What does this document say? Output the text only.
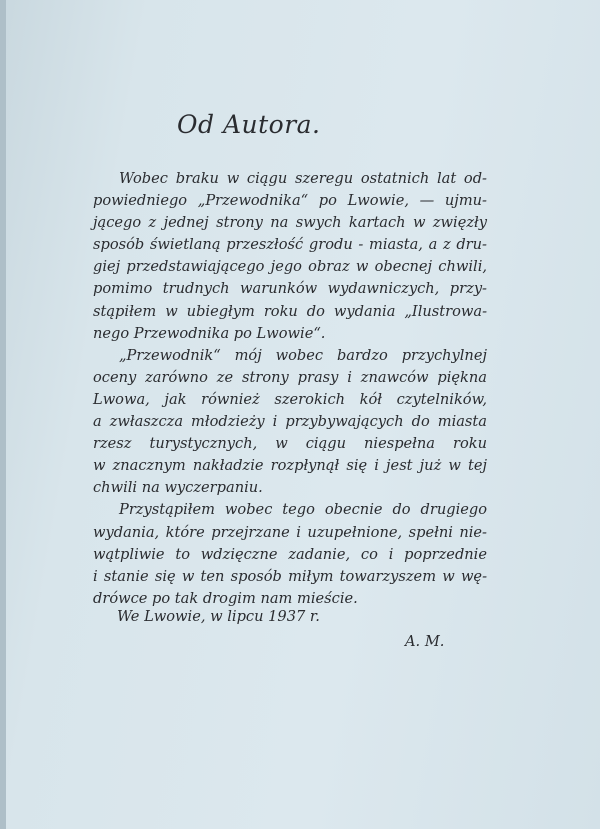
Od Autora.
Wobec braku w ciągu szeregu ostatnich lat od-
powiedniego „Przewodnika“ po Lwowie, — ujmu-
jącego z jednej strony na swych kartach w zwięzły
sposób świetlaną przeszłość grodu - miasta, a z dru-
giej przedstawiającego jego obraz w obecnej chwili,
pomimo trudnych warunków wydawniczych, przy-
stąpiłem w ubiegłym roku do wydania „Ilustrowa-
nego Przewodnika po Lwowie“.
„Przewodnik“ mój wobec bardzo przychylnej
oceny zarówno ze strony prasy i znawców piękna
Lwowa, jak również szerokich kół czytelników,
a zwłaszcza młodzieży i przybywających do miasta
rzesz turystycznych, w ciągu niespełna roku
w znacznym nakładzie rozpłynął się i jest już w tej
chwili na wyczerpaniu.
Przystąpiłem wobec tego obecnie do drugiego
wydania, które przejrzane i uzupełnione, spełni nie-
wątpliwie to wdzięczne zadanie, co i poprzednie
i stanie się w ten sposób miłym towarzyszem w wę-
drówce po tak drogim nam mieście.
We Lwowie, w lipcu 1937 r.
A. M.
